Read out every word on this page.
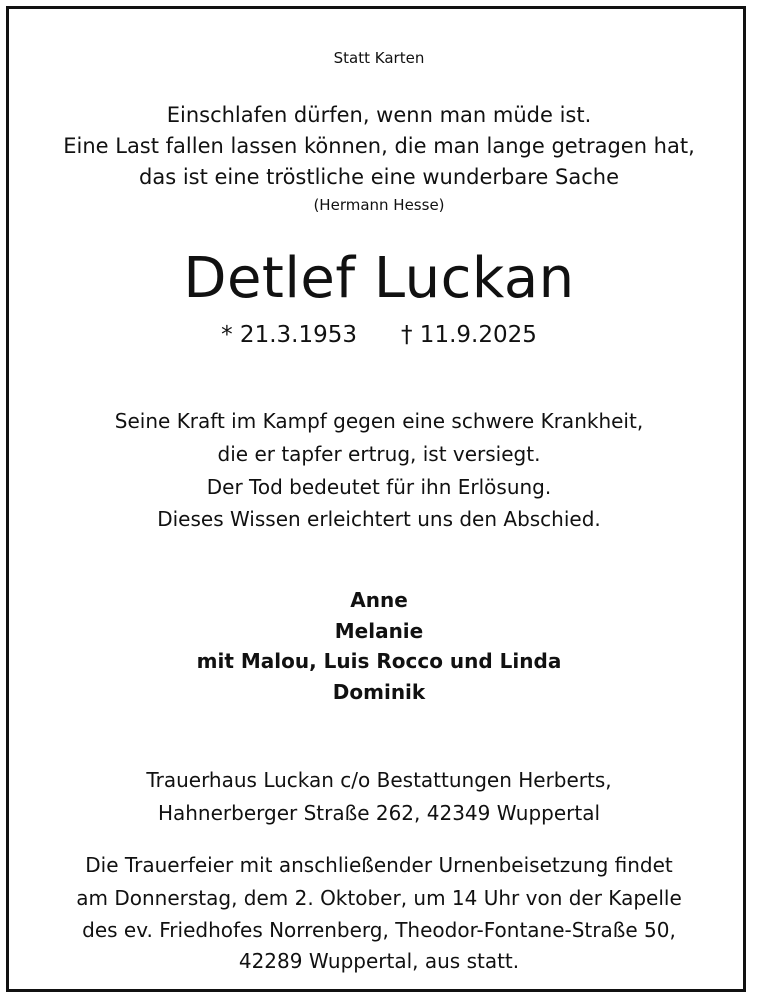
Statt Karten
Einschlafen dürfen, wenn man müde ist.
Eine Last fallen lassen können, die man lange getragen hat,
das ist eine tröstliche eine wunderbare Sache
(Hermann Hesse)
Detlef Luckan
* 21.3.1953 † 11.9.2025
Seine Kraft im Kampf gegen eine schwere Krankheit,
die er tapfer ertrug, ist versiegt.
Der Tod bedeutet für ihn Erlösung.
Dieses Wissen erleichtert uns den Abschied.
Anne
Melanie
mit Malou, Luis Rocco und Linda
Dominik
Trauerhaus Luckan c/o Bestattungen Herberts,
Hahnerberger Straße 262, 42349 Wuppertal
Die Trauerfeier mit anschließender Urnenbeisetzung findet
am Donnerstag, dem 2. Oktober, um 14 Uhr von der Kapelle
des ev. Friedhofes Norrenberg, Theodor-Fontane-Straße 50,
42289 Wuppertal, aus statt.
